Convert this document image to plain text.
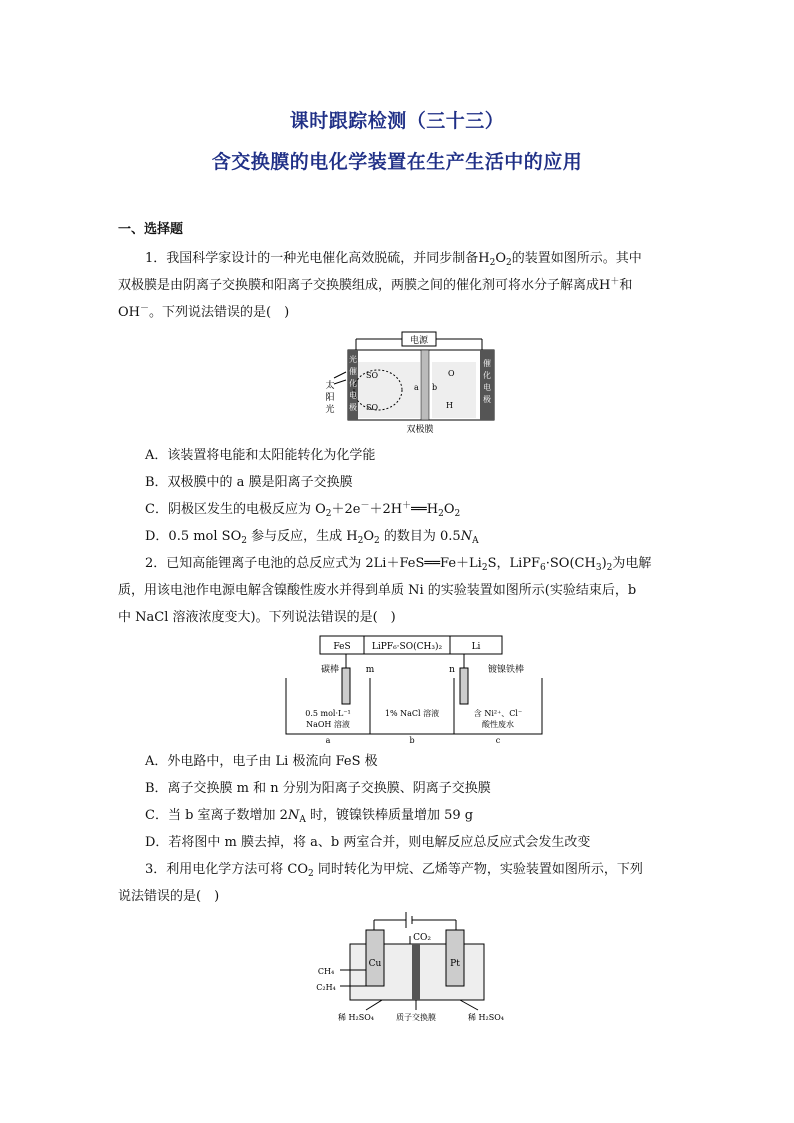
课时跟踪检测（三十三）
含交换膜的电化学装置在生产生活中的应用
一、选择题
1．我国科学家设计的一种光电催化高效脱硫，并同步制备$H_2O_2$的装置如图所示。其中
双极膜是由阴离子交换膜和阳离子交换膜组成，两膜之间的催化剂可将水分子解离成H＋和
OH－。下列说法错误的是(　)
电源
SO
SO
O
H
a b
光
催
化
电
极
催
化
电
极
太
阳
光
双极膜
A．该装置将电能和太阳能转化为化学能
B．双极膜中的 a 膜是阳离子交换膜
C．阴极区发生的电极反应为 $O_2+2e^-+2H^+══H_2O_2$
D．0.5 mol $SO_2$ 参与反应，生成 $H_2O_2$ 的数目为 $0.5N_A$
2．已知高能锂离子电池的总反应式为 $2Li+FeS══Fe+Li_2S$，$LiPF_6\cdot SO(CH_3)_2$为电解
质，用该电池作电源电解含镍酸性废水并得到单质 Ni 的实验装置如图所示(实验结束后，b
中 NaCl 溶液浓度变大)。下列说法错误的是(　)
FeS LiPF₆·SO(CH₃)₂	Li
碳棒	m	n	镀镍铁棒
0.5 mol·L⁻¹
NaOH 溶液
1% NaCl 溶液	含 Ni²⁺、Cl⁻
酸性废水
a	b	c
A．外电路中，电子由 Li 极流向 FeS 极
B．离子交换膜 m 和 n 分别为阳离子交换膜、阴离子交换膜
C．当 b 室离子数增加 $2N_A$ 时，镀镍铁棒质量增加 59 g
D．若将图中 m 膜去掉，将 a、b 两室合并，则电解反应总反应式会发生改变
3．利用电化学方法可将 $CO_2$ 同时转化为甲烷、乙烯等产物，实验装置如图所示，下列
说法错误的是(　)
CO₂
Cu	Pt
CH₄
C₂H₄
稀 H₂SO₄	质子交换膜	稀 H₂SO₄
